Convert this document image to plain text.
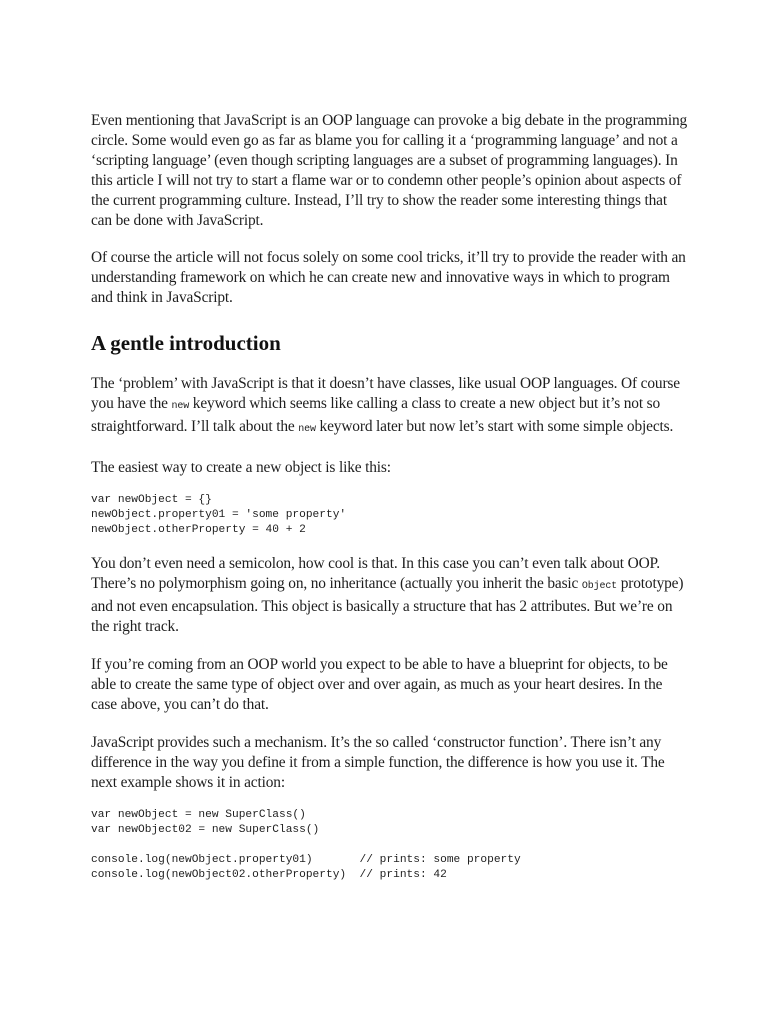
Even mentioning that JavaScript is an OOP language can provoke a big debate in the programming circle. Some would even go as far as blame you for calling it a ‘programming language’ and not a ‘scripting language’ (even though scripting languages are a subset of programming languages). In this article I will not try to start a flame war or to condemn other people’s opinion about aspects of the current programming culture. Instead, I’ll try to show the reader some interesting things that can be done with JavaScript.

Of course the article will not focus solely on some cool tricks, it’ll try to provide the reader with an understanding framework on which he can create new and innovative ways in which to program and think in JavaScript.

A gentle introduction

The ‘problem’ with JavaScript is that it doesn’t have classes, like usual OOP languages. Of course you have the new keyword which seems like calling a class to create a new object but it’s not so straightforward. I’ll talk about the new keyword later but now let’s start with some simple objects.

The easiest way to create a new object is like this:

var newObject = {}
newObject.property01 = 'some property'
newObject.otherProperty = 40 + 2

You don’t even need a semicolon, how cool is that. In this case you can’t even talk about OOP. There’s no polymorphism going on, no inheritance (actually you inherit the basic Object prototype) and not even encapsulation. This object is basically a structure that has 2 attributes. But we’re on the right track.

If you’re coming from an OOP world you expect to be able to have a blueprint for objects, to be able to create the same type of object over and over again, as much as your heart desires. In the case above, you can’t do that.

JavaScript provides such a mechanism. It’s the so called ‘constructor function’. There isn’t any difference in the way you define it from a simple function, the difference is how you use it. The next example shows it in action:

var newObject = new SuperClass()
var newObject02 = new SuperClass()
console.log(newObject.property01)       // prints: some property
console.log(newObject02.otherProperty)  // prints: 42
